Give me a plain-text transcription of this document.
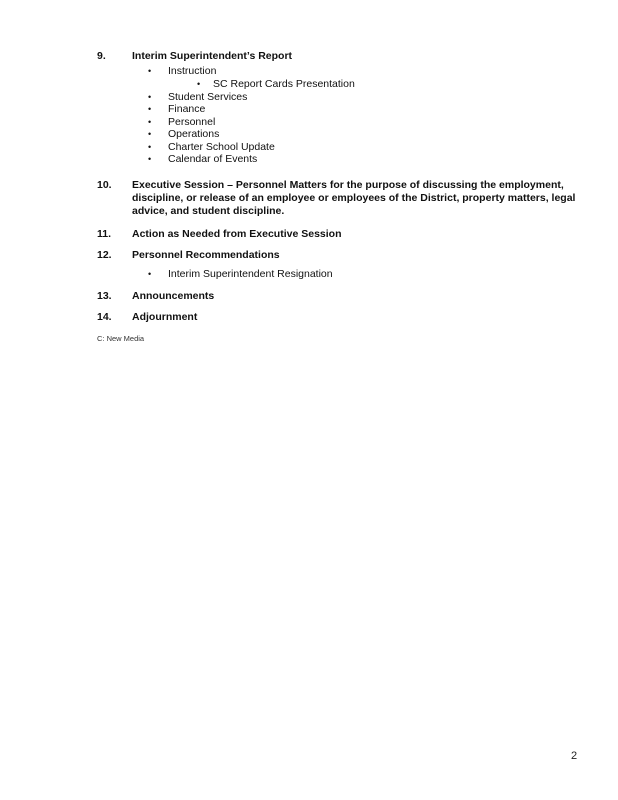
9. Interim Superintendent’s Report
• Instruction
• SC Report Cards Presentation
• Student Services
• Finance
• Personnel
• Operations
• Charter School Update
• Calendar of Events
10. Executive Session – Personnel Matters for the purpose of discussing the employment, discipline, or release of an employee or employees of the District, property matters, legal advice, and student discipline.
11. Action as Needed from Executive Session
12. Personnel Recommendations
• Interim Superintendent Resignation
13. Announcements
14. Adjournment
C: New Media
2
